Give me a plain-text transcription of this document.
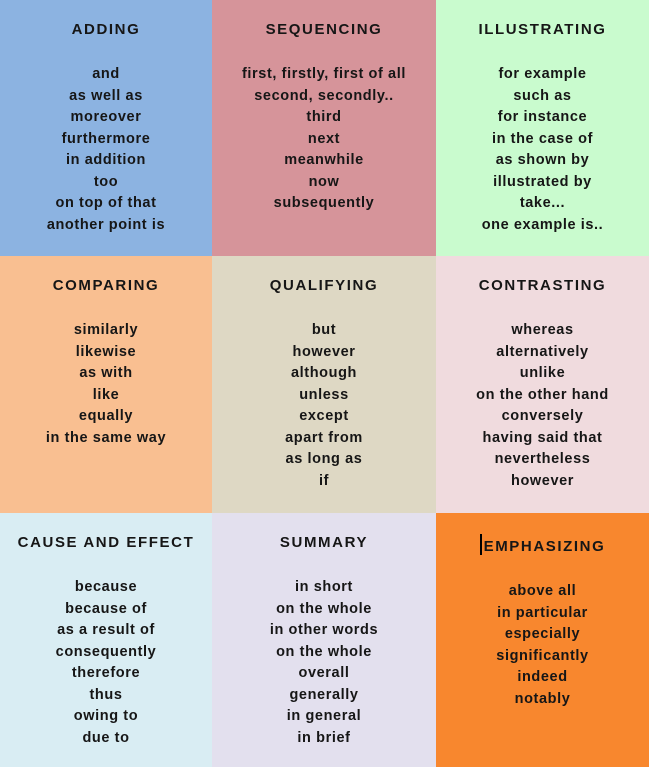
ADDING
and
as well as
moreover
furthermore
in addition
too
on top of that
another point is
SEQUENCING
first, firstly, first of all
second, secondly..
third
next
meanwhile
now
subsequently
ILLUSTRATING
for example
such as
for instance
in the case of
as shown by
illustrated by
take...
one example is..
COMPARING
similarly
likewise
as with
like
equally
in the same way
QUALIFYING
but
however
although
unless
except
apart from
as long as
if
CONTRASTING
whereas
alternatively
unlike
on the other hand
conversely
having said that
nevertheless
however
CAUSE AND EFFECT
because
because of
as a result of
consequently
therefore
thus
owing to
due to
SUMMARY
in short
on the whole
in other words
on the whole
overall
generally
in general
in brief
EMPHASIZING
above all
in particular
especially
significantly
indeed
notably
